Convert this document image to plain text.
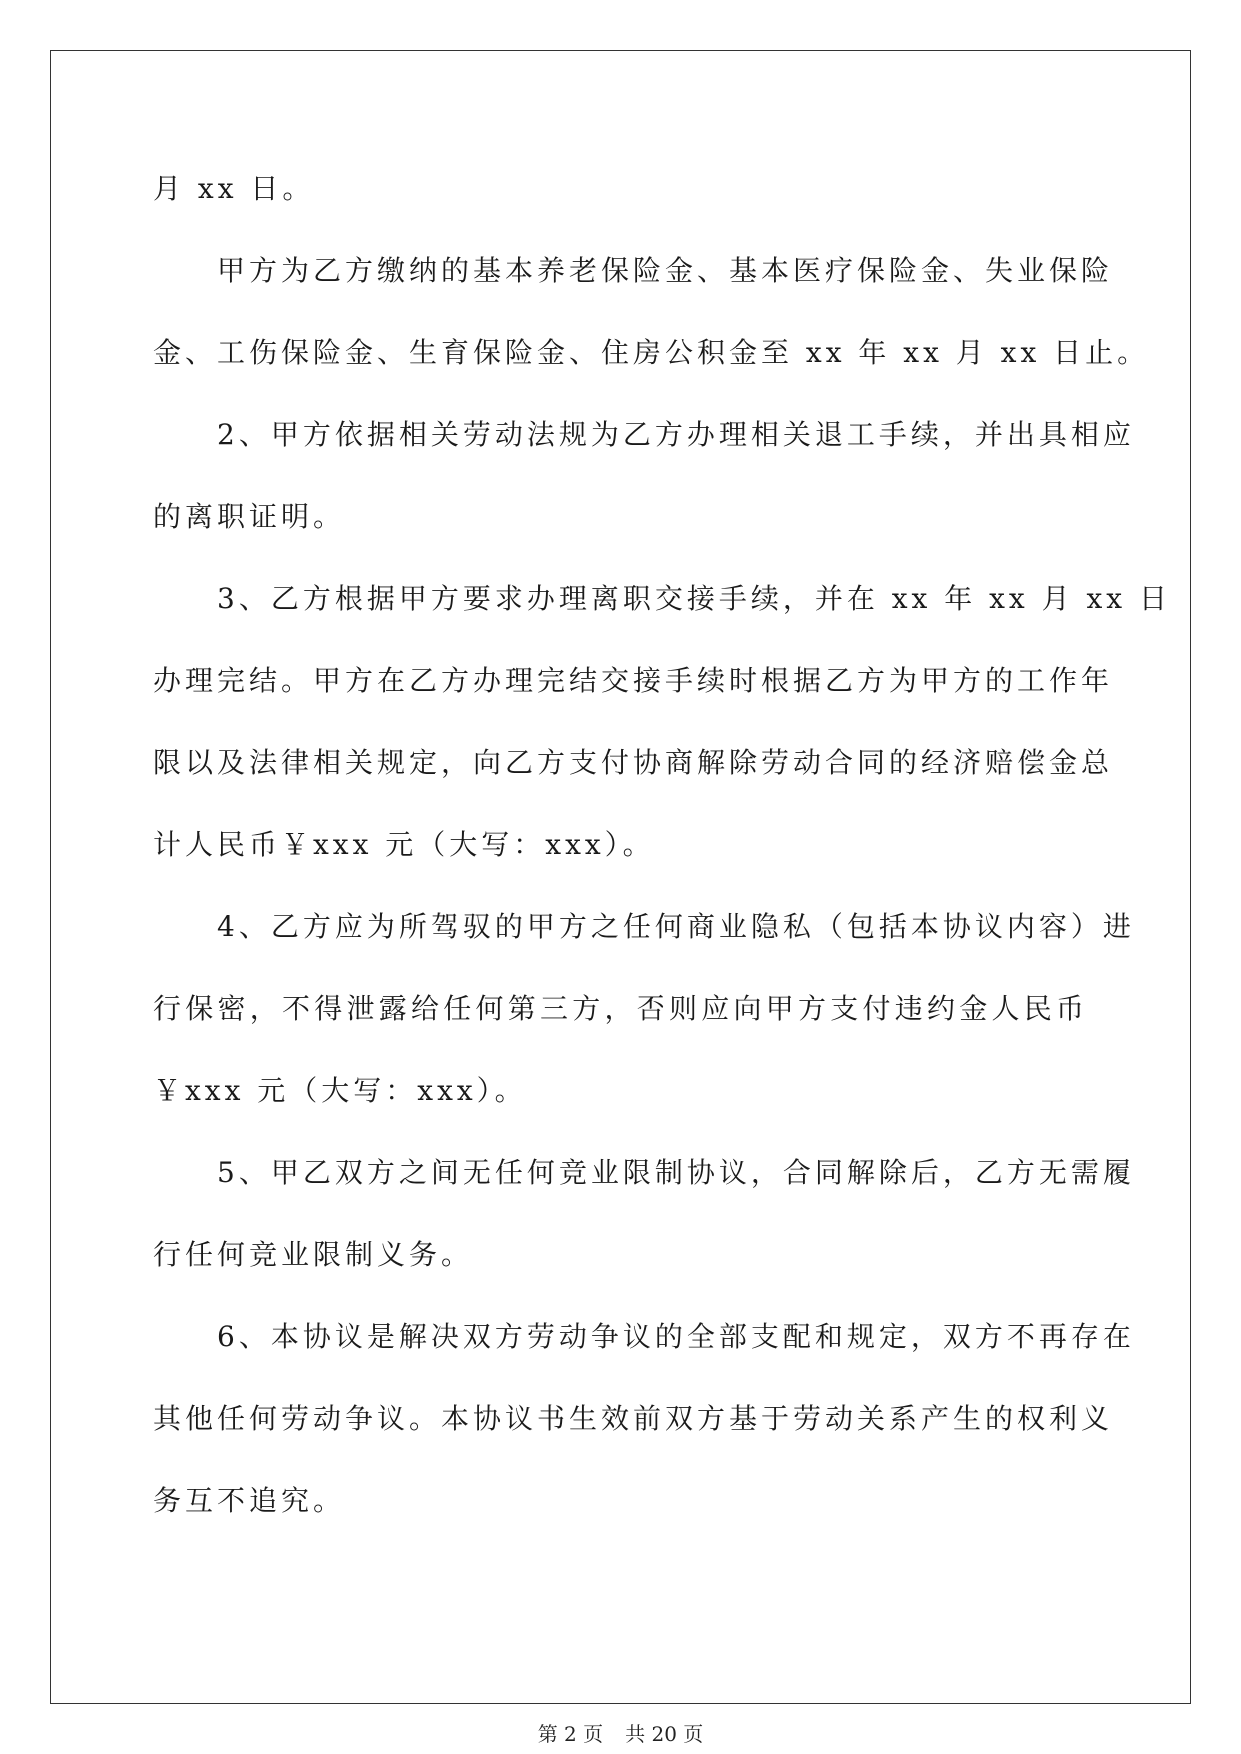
月 xx 日。
甲方为乙方缴纳的基本养老保险金、基本医疗保险金、失业保险
金、工伤保险金、生育保险金、住房公积金至 xx 年 xx 月 xx 日止。
2、甲方依据相关劳动法规为乙方办理相关退工手续，并出具相应
的离职证明。
3、乙方根据甲方要求办理离职交接手续，并在 xx 年 xx 月 xx 日
办理完结。甲方在乙方办理完结交接手续时根据乙方为甲方的工作年
限以及法律相关规定，向乙方支付协商解除劳动合同的经济赔偿金总
计人民币￥xxx 元（大写：xxx）。
4、乙方应为所驾驭的甲方之任何商业隐私（包括本协议内容）进
行保密，不得泄露给任何第三方，否则应向甲方支付违约金人民币
￥xxx 元（大写：xxx）。
5、甲乙双方之间无任何竞业限制协议，合同解除后，乙方无需履
行任何竞业限制义务。
6、本协议是解决双方劳动争议的全部支配和规定，双方不再存在
其他任何劳动争议。本协议书生效前双方基于劳动关系产生的权利义
务互不追究。
第 2 页 共 20 页
